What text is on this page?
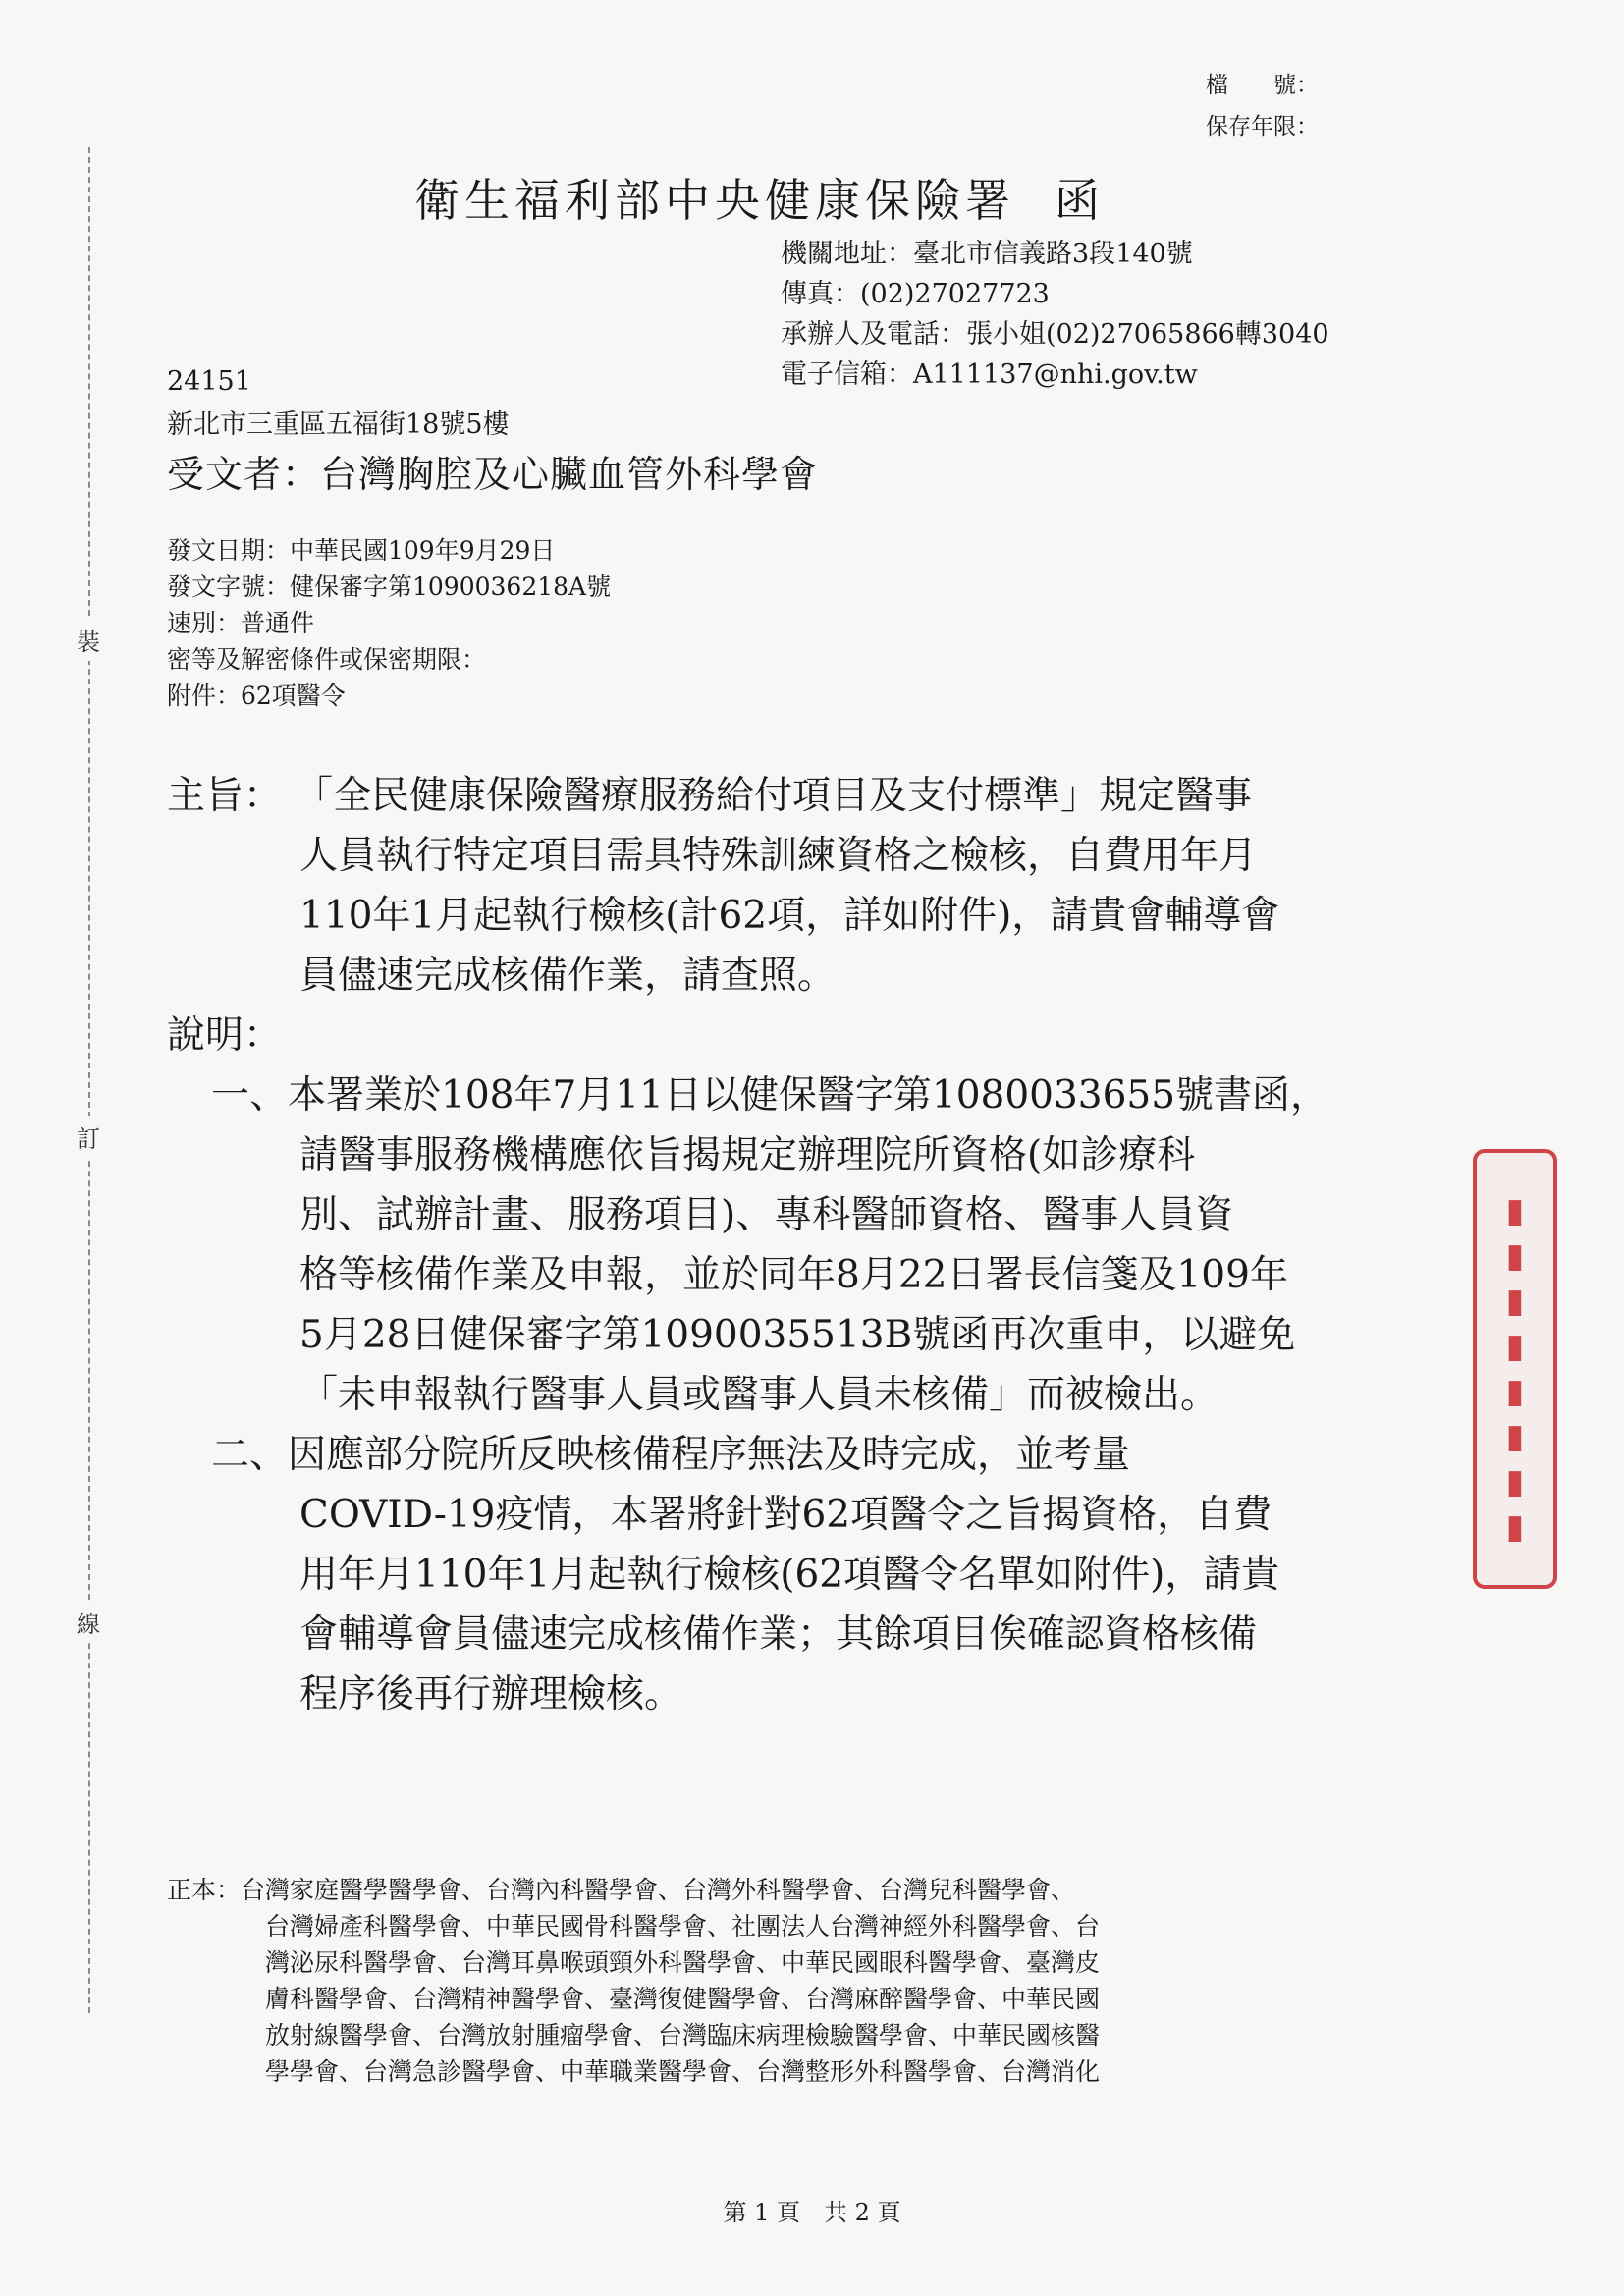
裝
訂
線
檔　　號：
保存年限：
衛生福利部中央健康保險署 函
機關地址：臺北市信義路3段140號
傳真：(02)27027723
承辦人及電話：張小姐(02)27065866轉3040
電子信箱：A111137@nhi.gov.tw
24151
新北市三重區五福街18號5樓
受文者：台灣胸腔及心臟血管外科學會
發文日期：中華民國109年9月29日
發文字號：健保審字第1090036218A號
速別：普通件
密等及解密條件或保密期限：
附件：62項醫令
主旨： 「全民健康保險醫療服務給付項目及支付標準」規定醫事
人員執行特定項目需具特殊訓練資格之檢核，自費用年月
110年1月起執行檢核(計62項，詳如附件)，請貴會輔導會
員儘速完成核備作業，請查照。
說明：
一、本署業於108年7月11日以健保醫字第1080033655號書函，
請醫事服務機構應依旨揭規定辦理院所資格(如診療科
別、試辦計畫、服務項目)、專科醫師資格、醫事人員資
格等核備作業及申報，並於同年8月22日署長信箋及109年
5月28日健保審字第1090035513B號函再次重申，以避免
「未申報執行醫事人員或醫事人員未核備」而被檢出。
二、因應部分院所反映核備程序無法及時完成，並考量
COVID-19疫情，本署將針對62項醫令之旨揭資格，自費
用年月110年1月起執行檢核(62項醫令名單如附件)，請貴
會輔導會員儘速完成核備作業；其餘項目俟確認資格核備
程序後再行辦理檢核。
正本：台灣家庭醫學醫學會、台灣內科醫學會、台灣外科醫學會、台灣兒科醫學會、
台灣婦產科醫學會、中華民國骨科醫學會、社團法人台灣神經外科醫學會、台
灣泌尿科醫學會、台灣耳鼻喉頭頸外科醫學會、中華民國眼科醫學會、臺灣皮
膚科醫學會、台灣精神醫學會、臺灣復健醫學會、台灣麻醉醫學會、中華民國
放射線醫學會、台灣放射腫瘤學會、台灣臨床病理檢驗醫學會、中華民國核醫
學學會、台灣急診醫學會、中華職業醫學會、台灣整形外科醫學會、台灣消化
▮
▮
▮
▮
▮
▮
▮
▮
第 1 頁　共 2 頁
